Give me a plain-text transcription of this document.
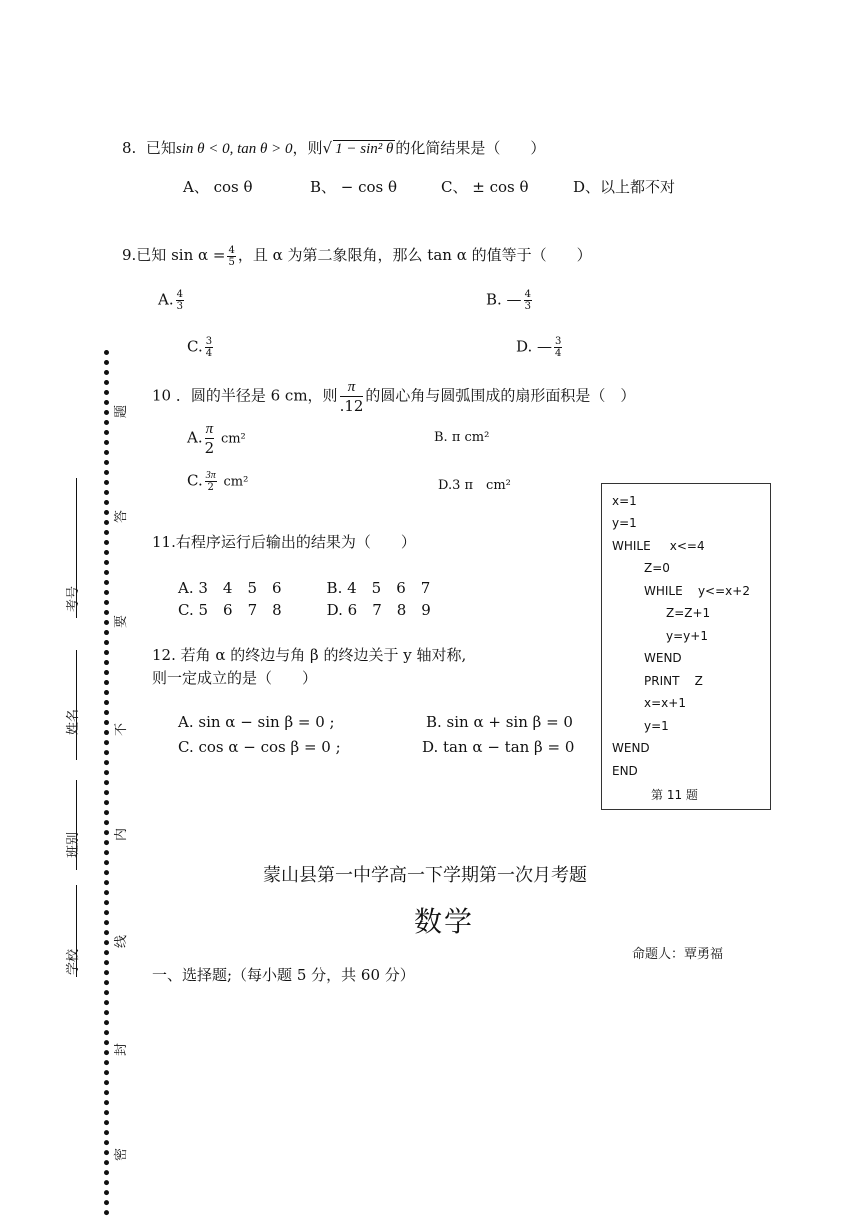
8. 已知sin θ < 0, tan θ > 0，则√ 1 − sin² θ 的化简结果是（　　）
A、 cos θ	B、 − cos θ	C、 ± cos θ	D、以上都不对
9.已知 $\sin \alpha = \frac{4}{5}$ ，且 α 为第二象限角，那么 tan α 的值等于（　　）
A. $\frac{4}{3}$	B. — $\frac{4}{3}$
C. $\frac{3}{4}$	D. — $\frac{3}{4}$
10 ．圆的半径是 6 cm，则 $\frac{\pi}{.12}$ 的圆心角与圆弧围成的扇形面积是（　）
A. $\frac{\pi}{2} cm^2$	B. π cm²
C. $\frac{3\pi}{2} cm^2$	D.3 π　cm²
11.右程序运行后输出的结果为（　　）
A. 3　4　5　6　　　B. 4　5　6　7
C. 5　6　7　8　　　D. 6　7　8　9
12. 若角 α 的终边与角 β 的终边关于 y 轴对称,
则一定成立的是（　　）
A. sin α − sin β = 0 ;	B. sin α + sin β = 0
C. cos α − cos β = 0 ;	D. tan α − tan β = 0
x=1
y=1
WHILE     x<=4
Z=0
WHILE    y<=x+2
Z=Z+1
y=y+1
WEND
PRINT    Z
x=x+1
y=1
WEND
END
第 11 题
蒙山县第一中学高一下学期第一次月考题
数学
命题人：覃勇福
一、选择题;（每小题 5 分，共 60 分）
题
答
要
不
内
线
封
密
考号
姓名
班别
学校
